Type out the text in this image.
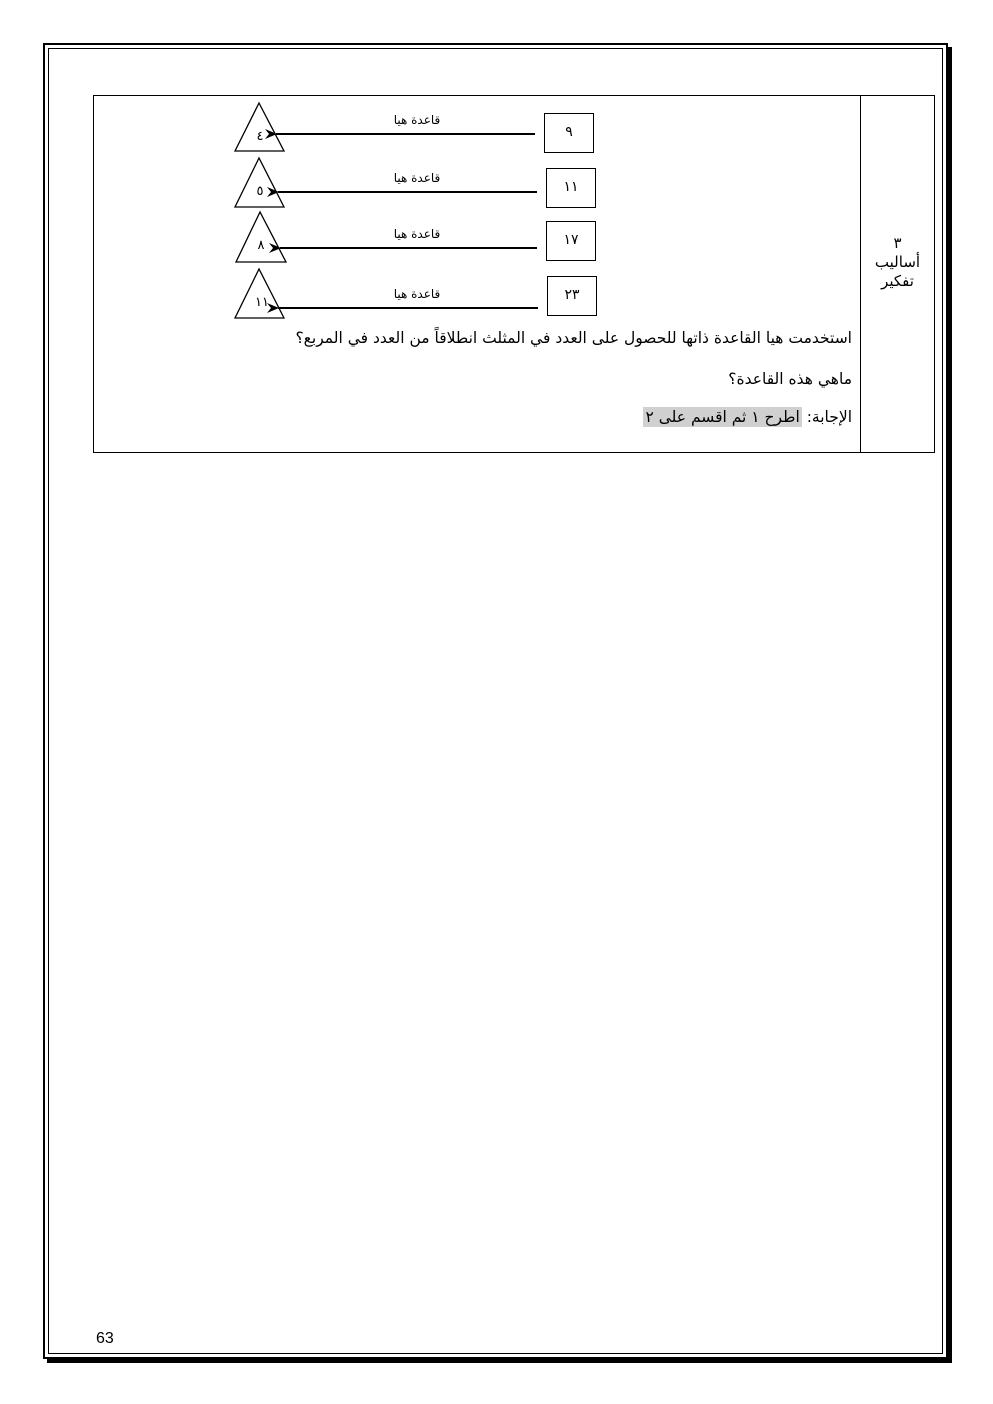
٣
أساليب
تفكير
قاعدة هيا
قاعدة هيا
قاعدة هيا
قاعدة هيا
٩
١١
١٧
٢٣
٤
٥
٨
١١
استخدمت هيا القاعدة ذاتها للحصول على العدد في المثلث انطلاقاً من العدد في المربع؟
ماهي هذه القاعدة؟
الإجابة: اطرح ١ ثم اقسم على ٢
63
